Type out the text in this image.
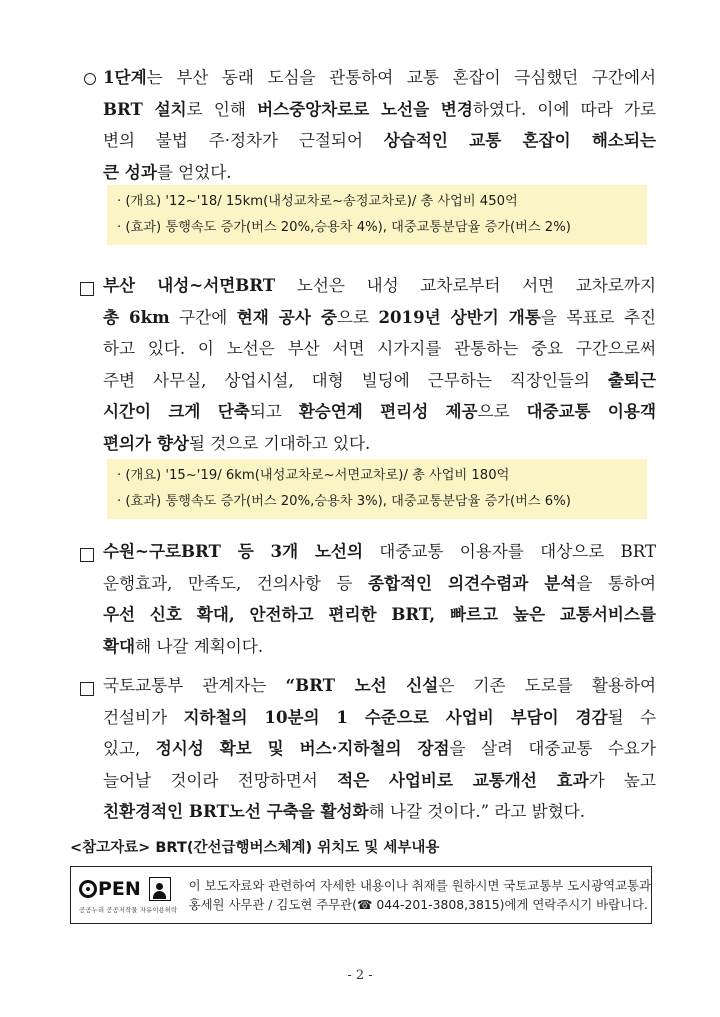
1단계는 부산 동래 도심을 관통하여 교통 혼잡이 극심했던 구간에서

BRT 설치로 인해 버스중앙차로로 노선을 변경하였다. 이에 따라 가로

변의 불법 주·정차가 근절되어 상습적인 교통 혼잡이 해소되는

큰 성과를 얻었다.

· (개요) '12~'18/ 15km(내성교차로~송정교차로)/ 총 사업비 450억
· (효과) 통행속도 증가(버스 20%,승용차 4%), 대중교통분담율 증가(버스 2%)

부산 내성~서면BRT 노선은 내성 교차로부터 서면 교차로까지

총 6km 구간에 현재 공사 중으로 2019년 상반기 개통을 목표로 추진

하고 있다. 이 노선은 부산 서면 시가지를 관통하는 중요 구간으로써

주변 사무실, 상업시설, 대형 빌딩에 근무하는 직장인들의 출퇴근

시간이 크게 단축되고 환승연계 편리성 제공으로 대중교통 이용객

편의가 향상될 것으로 기대하고 있다.

· (개요) '15~'19/ 6km(내성교차로~서면교차로)/ 총 사업비 180억
· (효과) 통행속도 증가(버스 20%,승용차 3%), 대중교통분담율 증가(버스 6%)

수원~구로BRT 등 3개 노선의 대중교통 이용자를 대상으로 BRT

운행효과, 만족도, 건의사항 등 종합적인 의견수렴과 분석을 통하여

우선 신호 확대, 안전하고 편리한 BRT, 빠르고 높은 교통서비스를

확대해 나갈 계획이다.

국토교통부 관계자는 “BRT 노선 신설은 기존 도로를 활용하여

건설비가 지하철의 10분의 1 수준으로 사업비 부담이 경감될 수

있고, 정시성 확보 및 버스·지하철의 장점을 살려 대중교통 수요가

늘어날 것이라 전망하면서 적은 사업비로 교통개선 효과가 높고

친환경적인 BRT노선 구축을 활성화해 나갈 것이다.” 라고 밝혔다.

<참고자료> BRT(간선급행버스체계) 위치도 및 세부내용
PEN
공공누리 공공저작물 자유이용허락
이 보도자료와 관련하여 자세한 내용이나 취재를 원하시면 국토교통부 도시광역교통과
홍세원 사무관 / 김도현 주무관(☎ 044-201-3808,3815)에게 연락주시기 바랍니다.
- 2 -
